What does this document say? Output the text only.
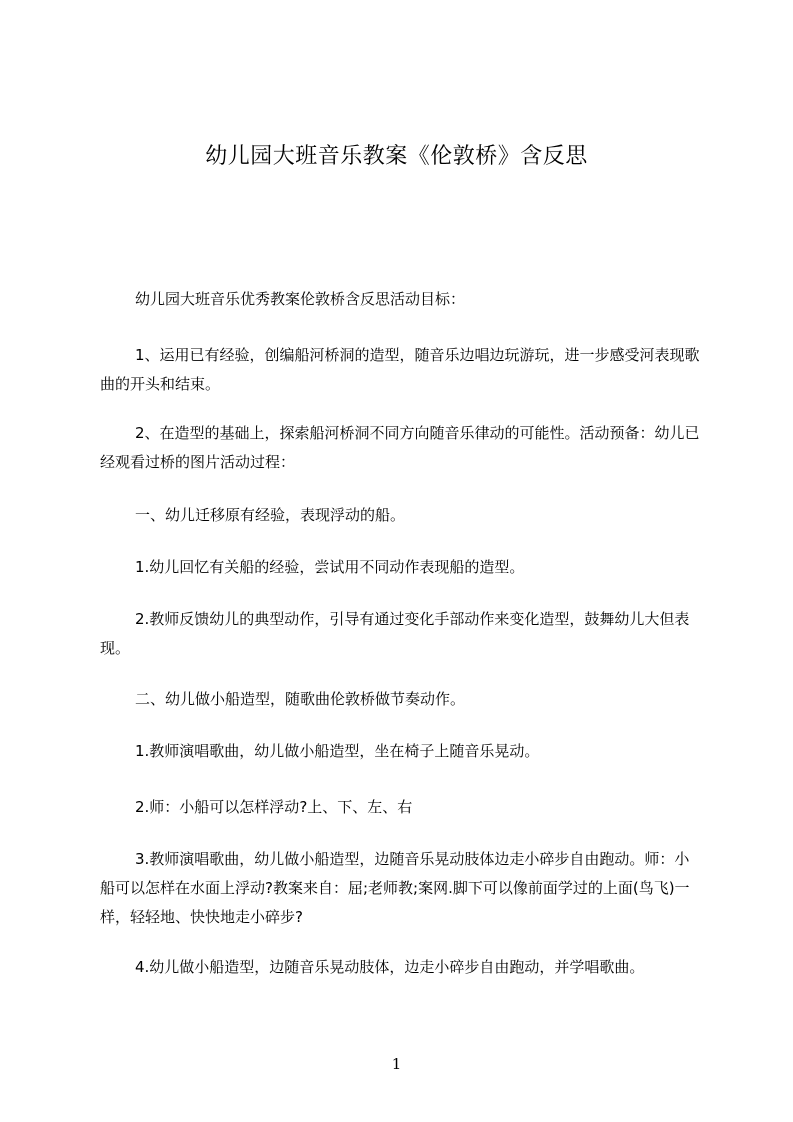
幼儿园大班音乐教案《伦敦桥》含反思
幼儿园大班音乐优秀教案伦敦桥含反思活动目标：
1、运用已有经验，创编船河桥洞的造型，随音乐边唱边玩游玩，进一步感受河表现歌曲的开头和结束。
2、在造型的基础上，探索船河桥洞不同方向随音乐律动的可能性。活动预备：幼儿已经观看过桥的图片活动过程：
一、幼儿迁移原有经验，表现浮动的船。
1.幼儿回忆有关船的经验，尝试用不同动作表现船的造型。
2.教师反馈幼儿的典型动作，引导有通过变化手部动作来变化造型，鼓舞幼儿大但表现。
二、幼儿做小船造型，随歌曲伦敦桥做节奏动作。
1.教师演唱歌曲，幼儿做小船造型，坐在椅子上随音乐晃动。
2.师：小船可以怎样浮动?上、下、左、右
3.教师演唱歌曲，幼儿做小船造型，边随音乐晃动肢体边走小碎步自由跑动。师：小船可以怎样在水面上浮动?教案来自：屈;老师教;案网.脚下可以像前面学过的上面(鸟飞)一样，轻轻地、快快地走小碎步?
4.幼儿做小船造型，边随音乐晃动肢体，边走小碎步自由跑动，并学唱歌曲。
1
